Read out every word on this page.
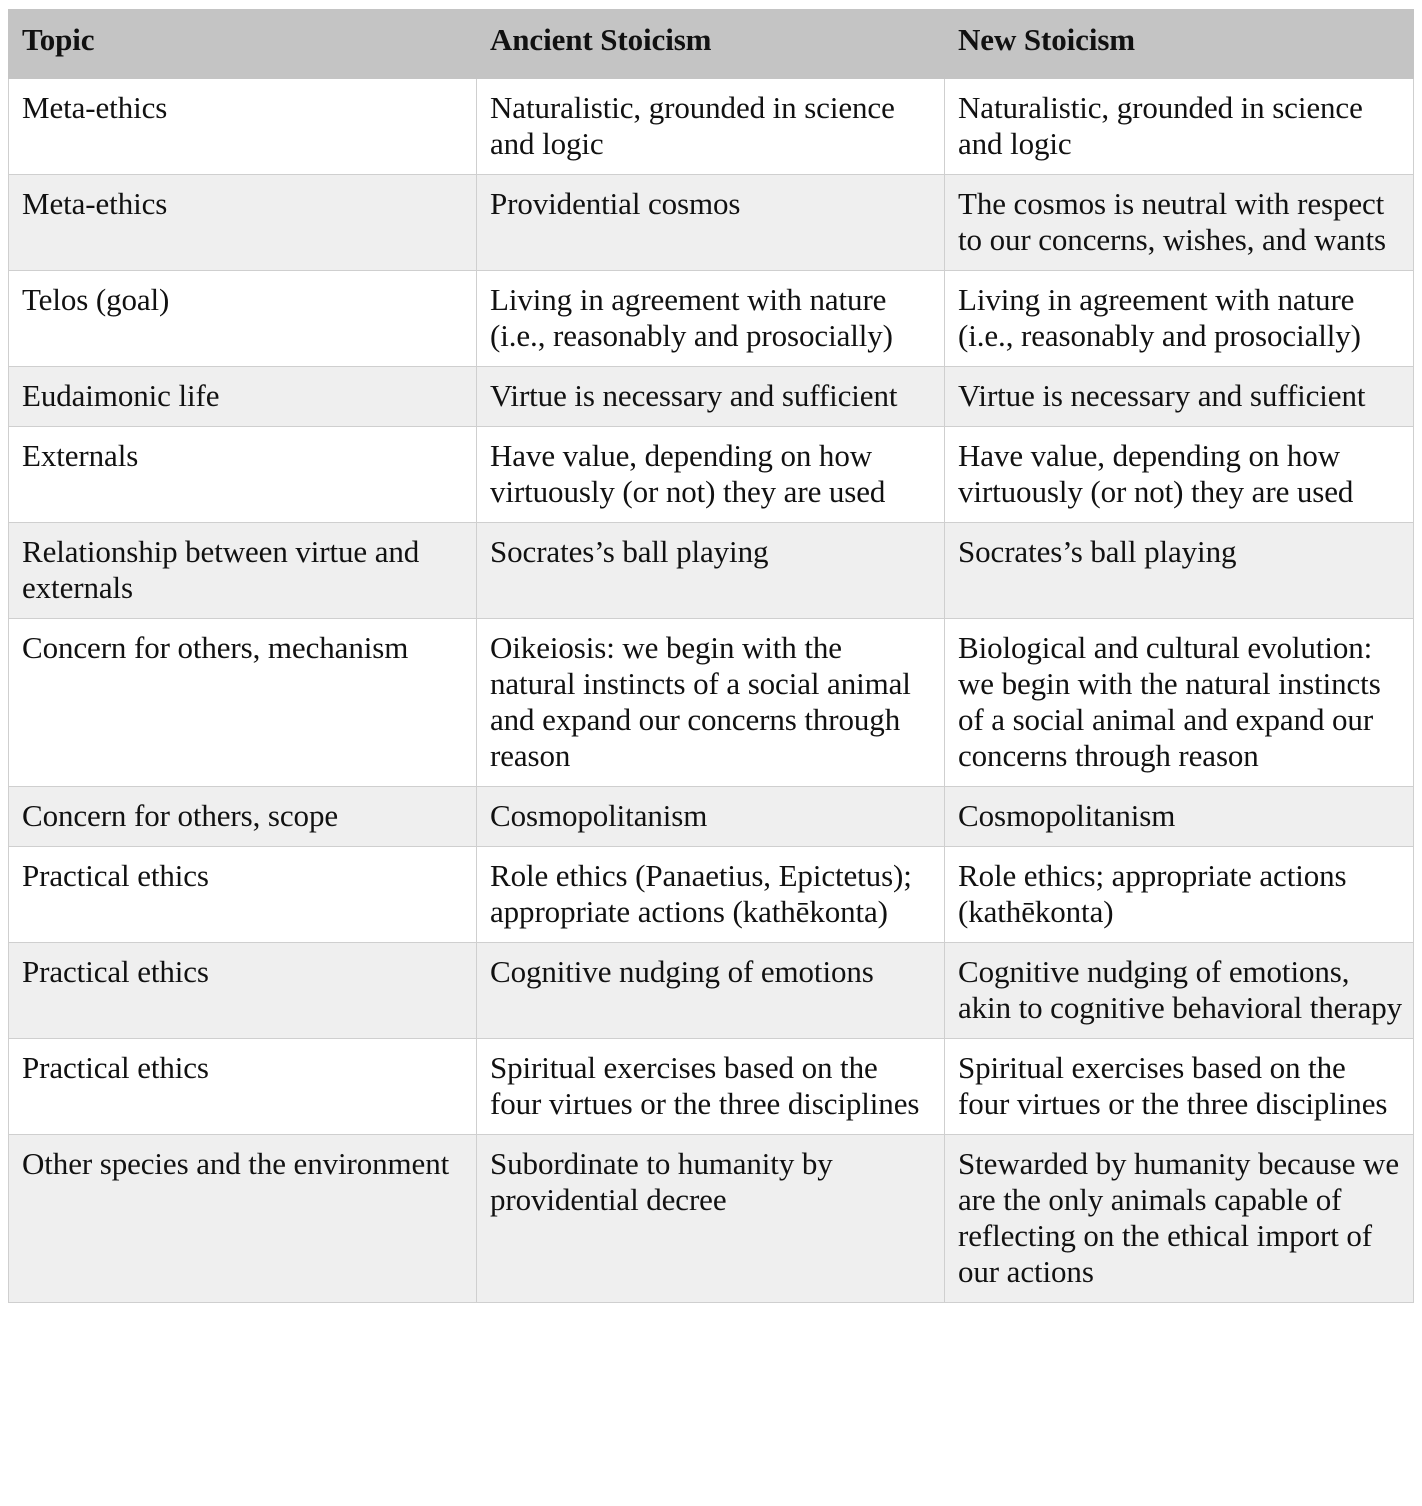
Topic	Ancient Stoicism	New Stoicism
Meta-ethics	Naturalistic, grounded in science and logic	Naturalistic, grounded in science and logic
Meta-ethics	Providential cosmos	The cosmos is neutral with respect to our concerns, wishes, and wants
Telos (goal)	Living in agreement with nature (i.e., reasonably and prosocially)	Living in agreement with nature (i.e., reasonably and prosocially)
Eudaimonic life	Virtue is necessary and sufficient	Virtue is necessary and sufficient
Externals	Have value, depending on how virtuously (or not) they are used	Have value, depending on how virtuously (or not) they are used
Relationship between virtue and externals	Socrates’s ball playing	Socrates’s ball playing
Concern for others, mechanism	Oikeiosis: we begin with the natural instincts of a social animal and expand our concerns through reason	Biological and cultural evolution: we begin with the natural instincts of a social animal and expand our concerns through reason
Concern for others, scope	Cosmopolitanism	Cosmopolitanism
Practical ethics	Role ethics (Panaetius, Epictetus); appropriate actions (kathēkonta)	Role ethics; appropriate actions (kathēkonta)
Practical ethics	Cognitive nudging of emotions	Cognitive nudging of emotions, akin to cognitive behavioral therapy
Practical ethics	Spiritual exercises based on the four virtues or the three disciplines	Spiritual exercises based on the four virtues or the three disciplines
Other species and the environment	Subordinate to humanity by providential decree	Stewarded by humanity because we are the only animals capable of reflecting on the ethical import of our actions
